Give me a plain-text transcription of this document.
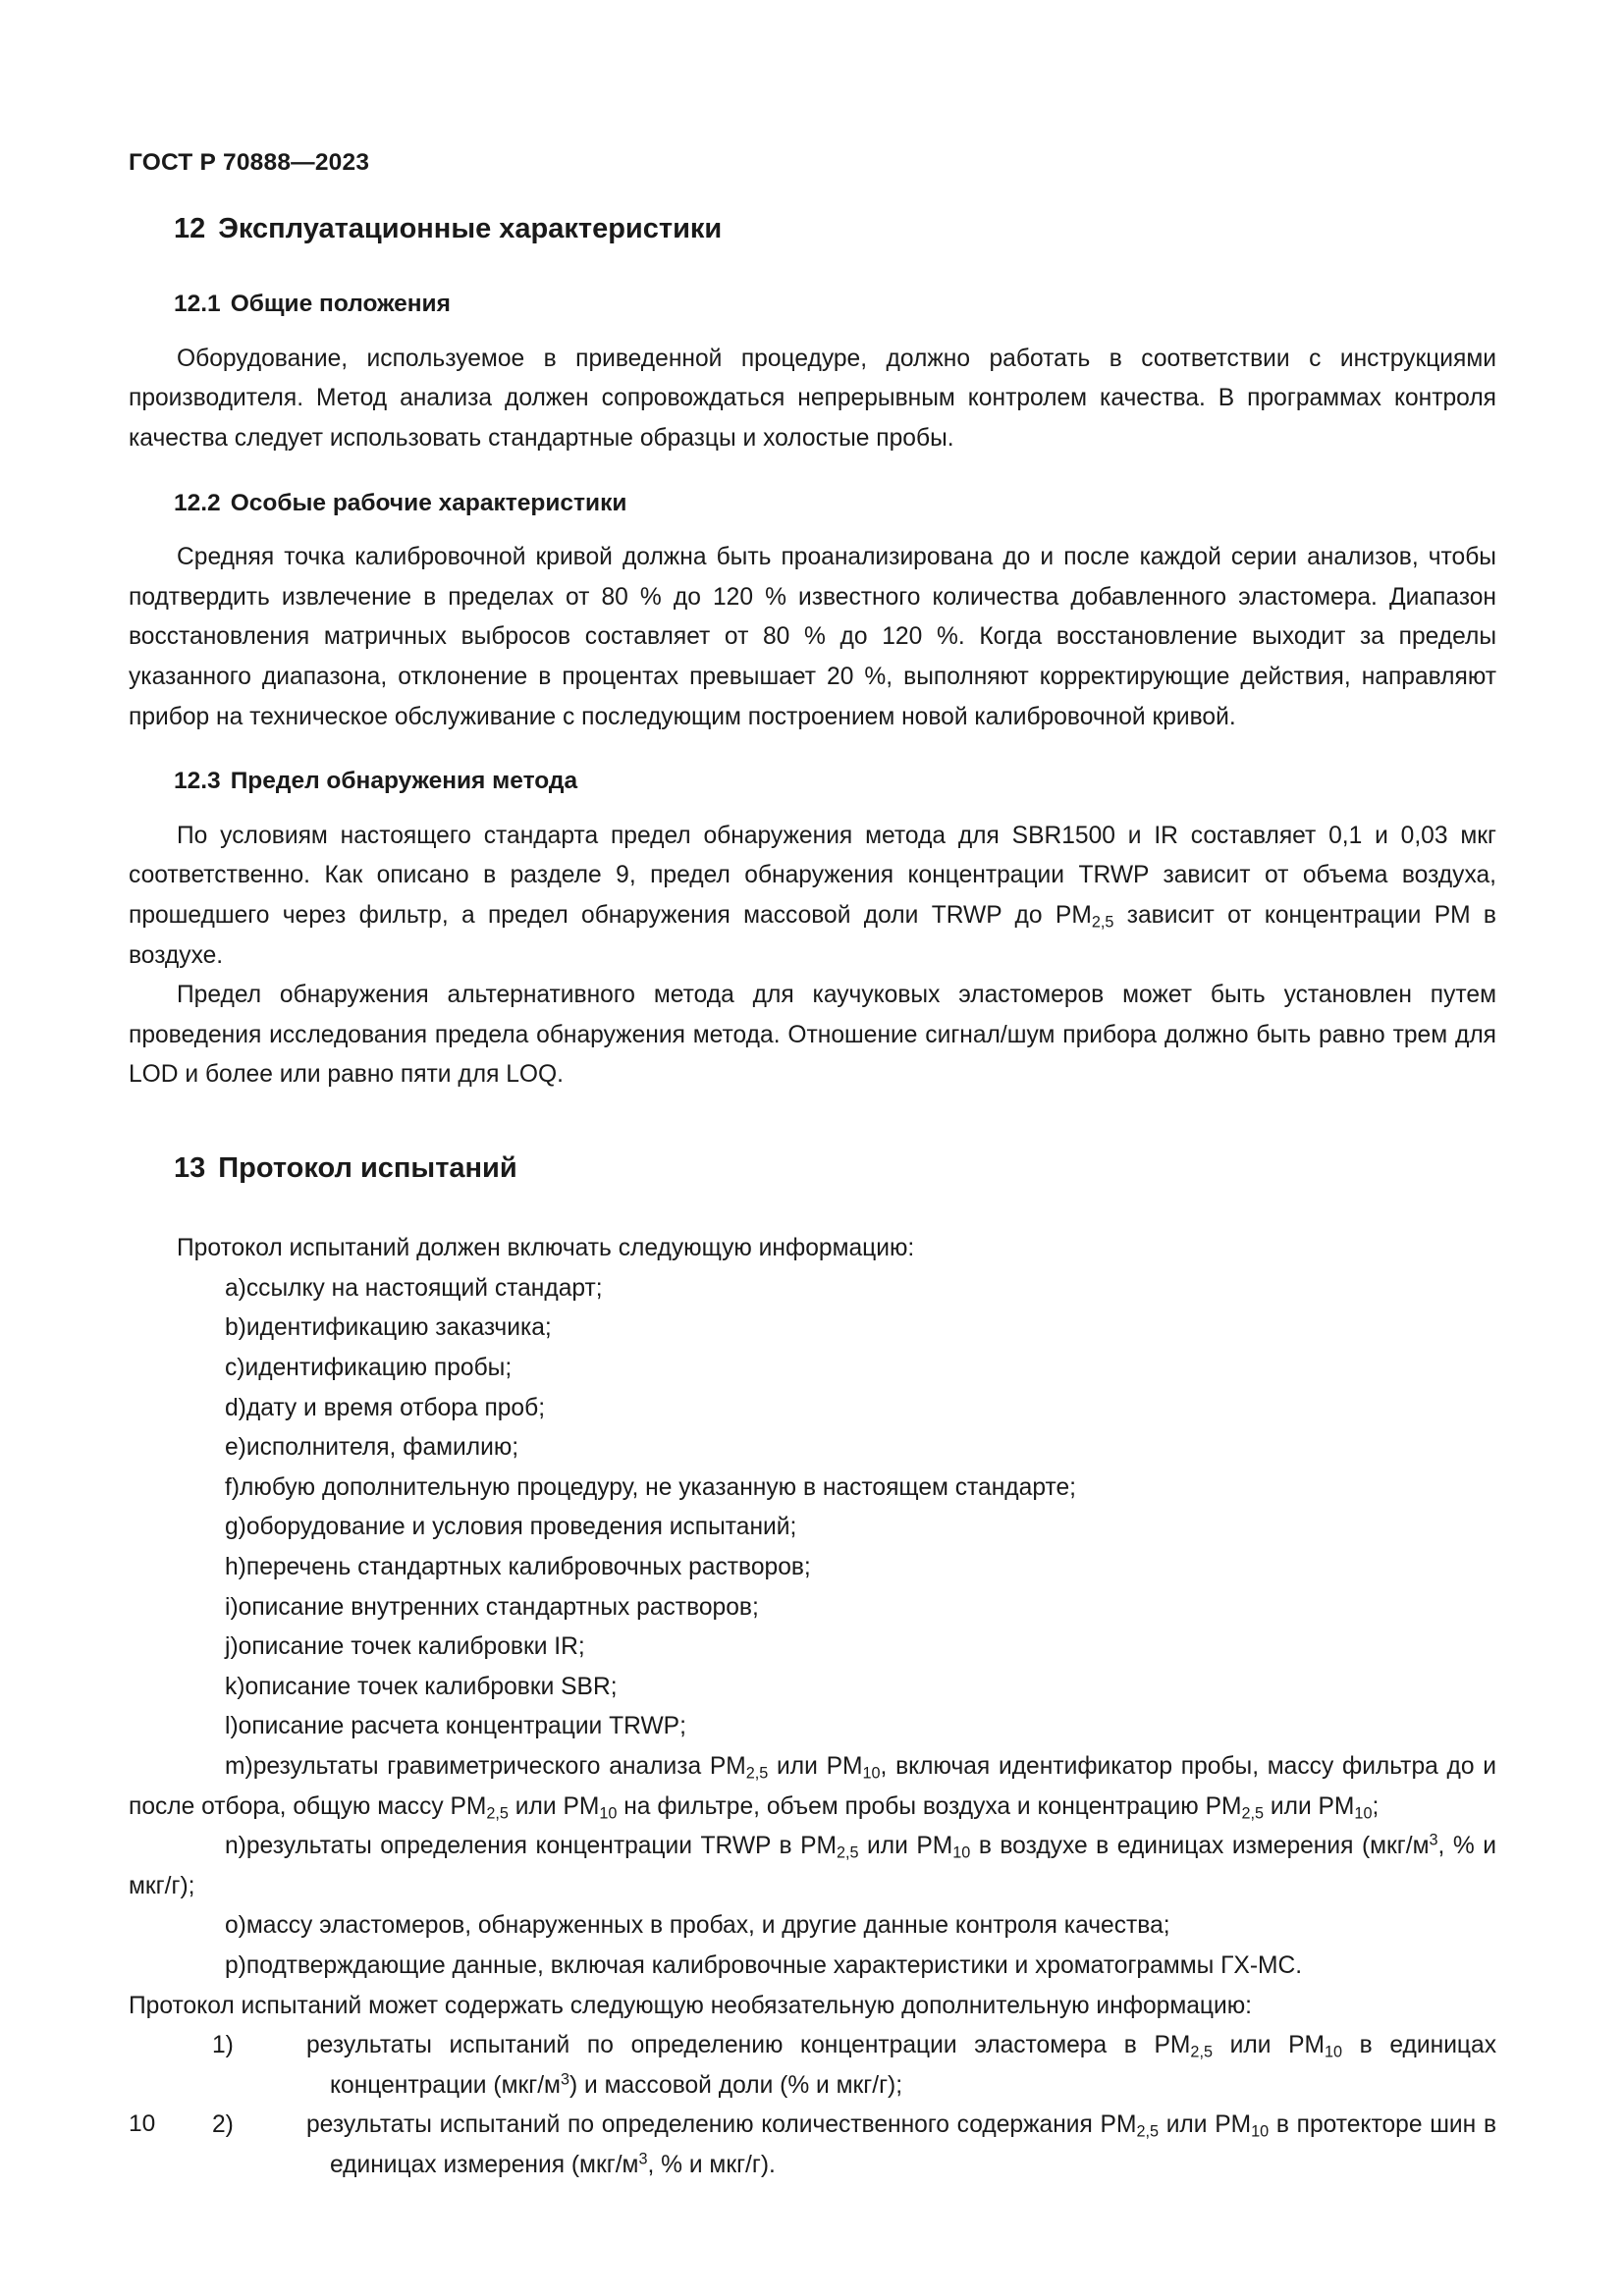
ГОСТ Р 70888—2023
12 Эксплуатационные характеристики
12.1 Общие положения

Оборудование, используемое в приведенной процедуре, должно работать в соответствии с инструкциями производителя. Метод анализа должен сопровождаться непрерывным контролем качества. В программах контроля качества следует использовать стандартные образцы и холостые пробы.

12.2 Особые рабочие характеристики

Средняя точка калибровочной кривой должна быть проанализирована до и после каждой серии анализов, чтобы подтвердить извлечение в пределах от 80 % до 120 % известного количества добавленного эластомера. Диапазон восстановления матричных выбросов составляет от 80 % до 120 %. Когда восстановление выходит за пределы указанного диапазона, отклонение в процентах превышает 20 %, выполняют корректирующие действия, направляют прибор на техническое обслуживание с последующим построением новой калибровочной кривой.

12.3 Предел обнаружения метода

По условиям настоящего стандарта предел обнаружения метода для SBR1500 и IR составляет 0,1 и 0,03 мкг соответственно. Как описано в разделе 9, предел обнаружения концентрации TRWP зависит от объема воздуха, прошедшего через фильтр, а предел обнаружения массовой доли TRWP до $PM_{2,5}$ зависит от концентрации PM в воздухе.

Предел обнаружения альтернативного метода для каучуковых эластомеров может быть установлен путем проведения исследования предела обнаружения метода. Отношение сигнал/шум прибора должно быть равно трем для LOD и более или равно пяти для LOQ.

13 Протокол испытаний

Протокол испытаний должен включать следующую информацию:

a)ссылку на настоящий стандарт;

b)идентификацию заказчика;

c)идентификацию пробы;

d)дату и время отбора проб;

e)исполнителя, фамилию;

f)любую дополнительную процедуру, не указанную в настоящем стандарте;

g)оборудование и условия проведения испытаний;

h)перечень стандартных калибровочных растворов;

i)описание внутренних стандартных растворов;

j)описание точек калибровки IR;

k)описание точек калибровки SBR;

l)описание расчета концентрации TRWP;

m)результаты гравиметрического анализа $PM_{2,5}$ или $PM_{10}$, включая идентификатор пробы, массу фильтра до и после отбора, общую массу $PM_{2,5}$ или $PM_{10}$ на фильтре, объем пробы воздуха и концентрацию $PM_{2,5}$ или $PM_{10}$;

n)результаты определения концентрации TRWP в $PM_{2,5}$ или $PM_{10}$ в воздухе в единицах измерения ($мкг/м^3$, % и мкг/г);

o)массу эластомеров, обнаруженных в пробах, и другие данные контроля качества;

p)подтверждающие данные, включая калибровочные характеристики и хроматограммы ГХ-МС.

Протокол испытаний может содержать следующую необязательную дополнительную информацию:

1)	результаты испытаний по определению концентрации эластомера в $PM_{2,5}$ или $PM_{10}$ в единицах концентрации $(мкг/м^3)$ и массовой доли (% и мкг/г);

2)	результаты испытаний по определению количественного содержания $PM_{2,5}$ или $PM_{10}$ в протекторе шин в единицах измерения ($мкг/м^3$, % и мкг/г).

10
